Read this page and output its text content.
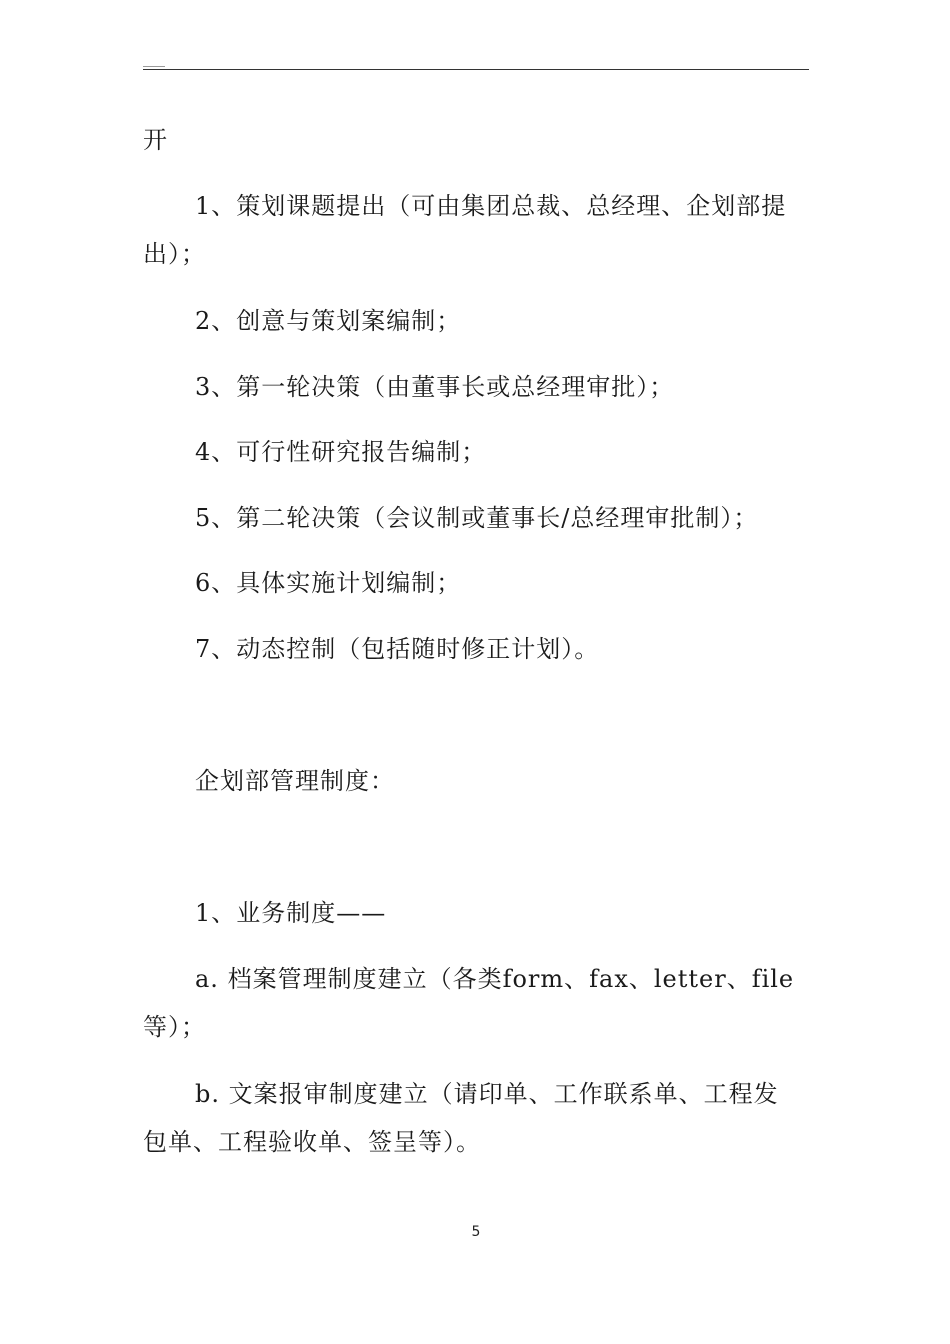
开

1、策划课题提出（可由集团总裁、总经理、企划部提
出）；

2、创意与策划案编制；

3、第一轮决策（由董事长或总经理审批）；

4、可行性研究报告编制；

5、第二轮决策（会议制或董事长/总经理审批制）；

6、具体实施计划编制；

7、动态控制（包括随时修正计划）。

企划部管理制度：

1、业务制度——

a. 档案管理制度建立（各类form、fax、letter、file
等）；

b. 文案报审制度建立（请印单、工作联系单、工程发
包单、工程验收单、签呈等）。

5
